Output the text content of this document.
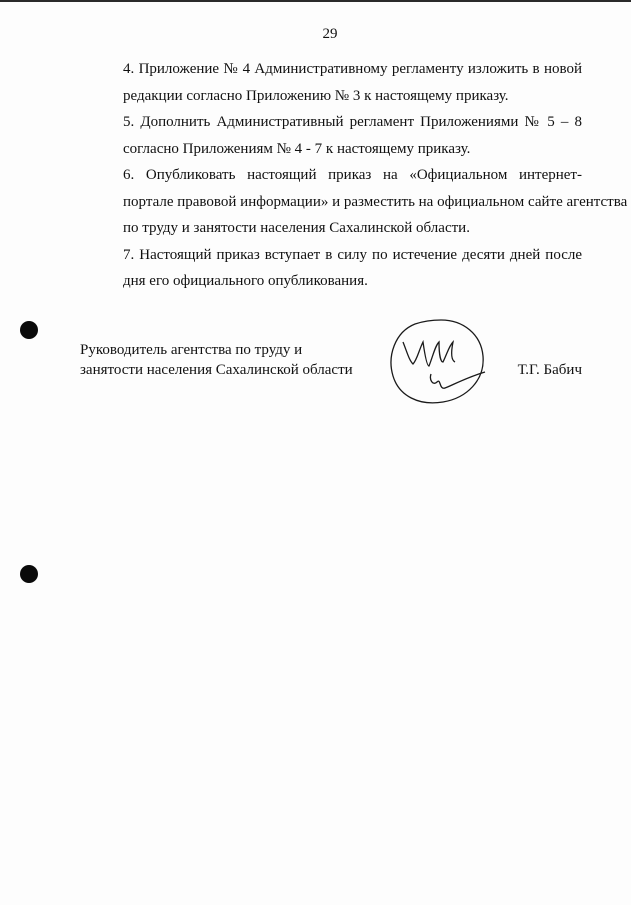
29

4. Приложение № 4 Административному регламенту изложить в новой
редакции согласно Приложению № 3 к настоящему приказу.

5. Дополнить Административный регламент Приложениями № 5 – 8
согласно Приложениям № 4 - 7 к настоящему приказу.

6. Опубликовать настоящий приказ на «Официальном интернет-
портале правовой информации» и разместить на официальном сайте агентства
по труду и занятости населения Сахалинской области.

7. Настоящий приказ вступает в силу по истечение десяти дней после
дня его официального опубликования.

Руководитель агентства по труду и
занятости населения Сахалинской области	Т.Г. Бабич
